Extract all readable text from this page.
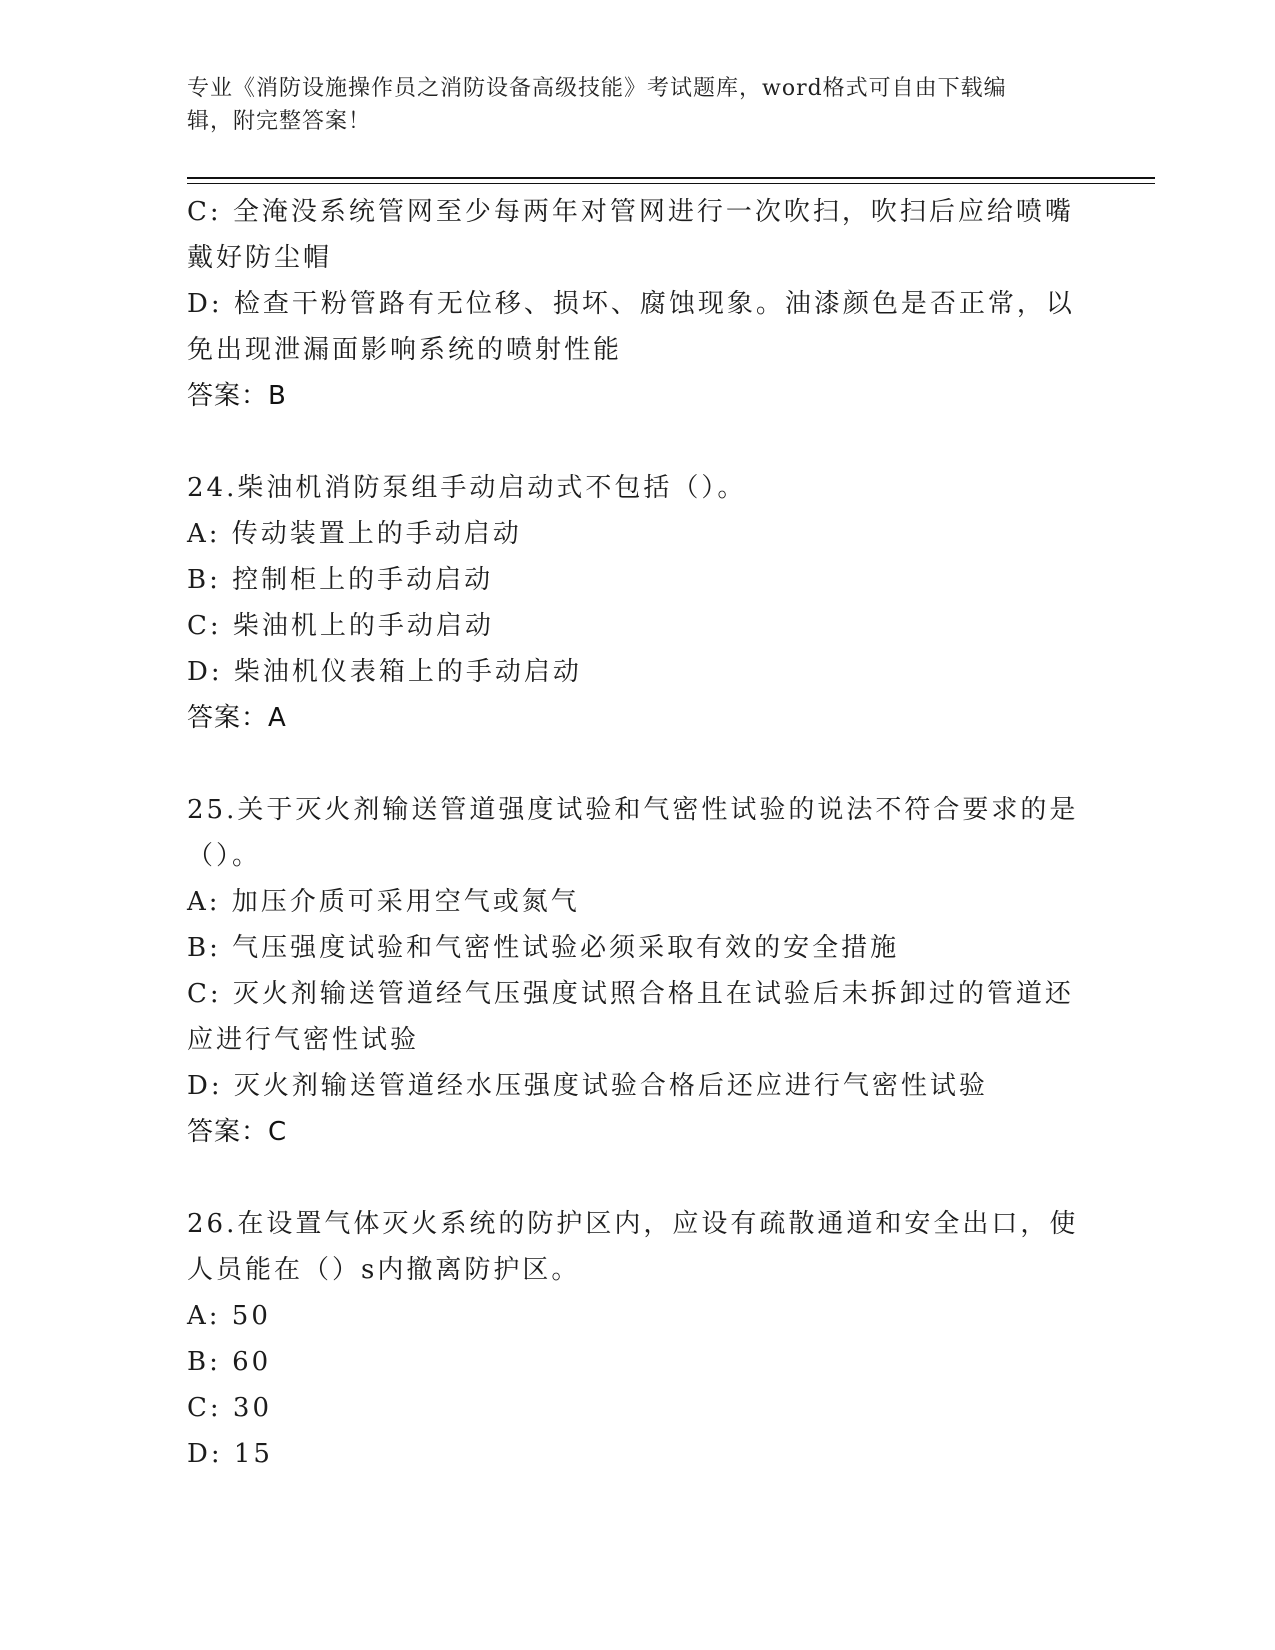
专业《消防设施操作员之消防设备高级技能》考试题库，word格式可自由下载编
辑，附完整答案！

C: 全淹没系统管网至少每两年对管网进行一次吹扫，吹扫后应给喷嘴

戴好防尘帽

D: 检查干粉管路有无位移、损坏、腐蚀现象。油漆颜色是否正常，以

免出现泄漏面影响系统的喷射性能

答案：B

24.柴油机消防泵组手动启动式不包括（）。

A: 传动装置上的手动启动

B: 控制柜上的手动启动

C: 柴油机上的手动启动

D: 柴油机仪表箱上的手动启动

答案：A

25.关于灭火剂输送管道强度试验和气密性试验的说法不符合要求的是

（）。

A: 加压介质可采用空气或氮气

B: 气压强度试验和气密性试验必须采取有效的安全措施

C: 灭火剂输送管道经气压强度试照合格且在试验后未拆卸过的管道还

应进行气密性试验

D: 灭火剂输送管道经水压强度试验合格后还应进行气密性试验

答案：C

26.在设置气体灭火系统的防护区内，应设有疏散通道和安全出口，使

人员能在（）s内撤离防护区。

A: 50

B: 60

C: 30

D: 15
